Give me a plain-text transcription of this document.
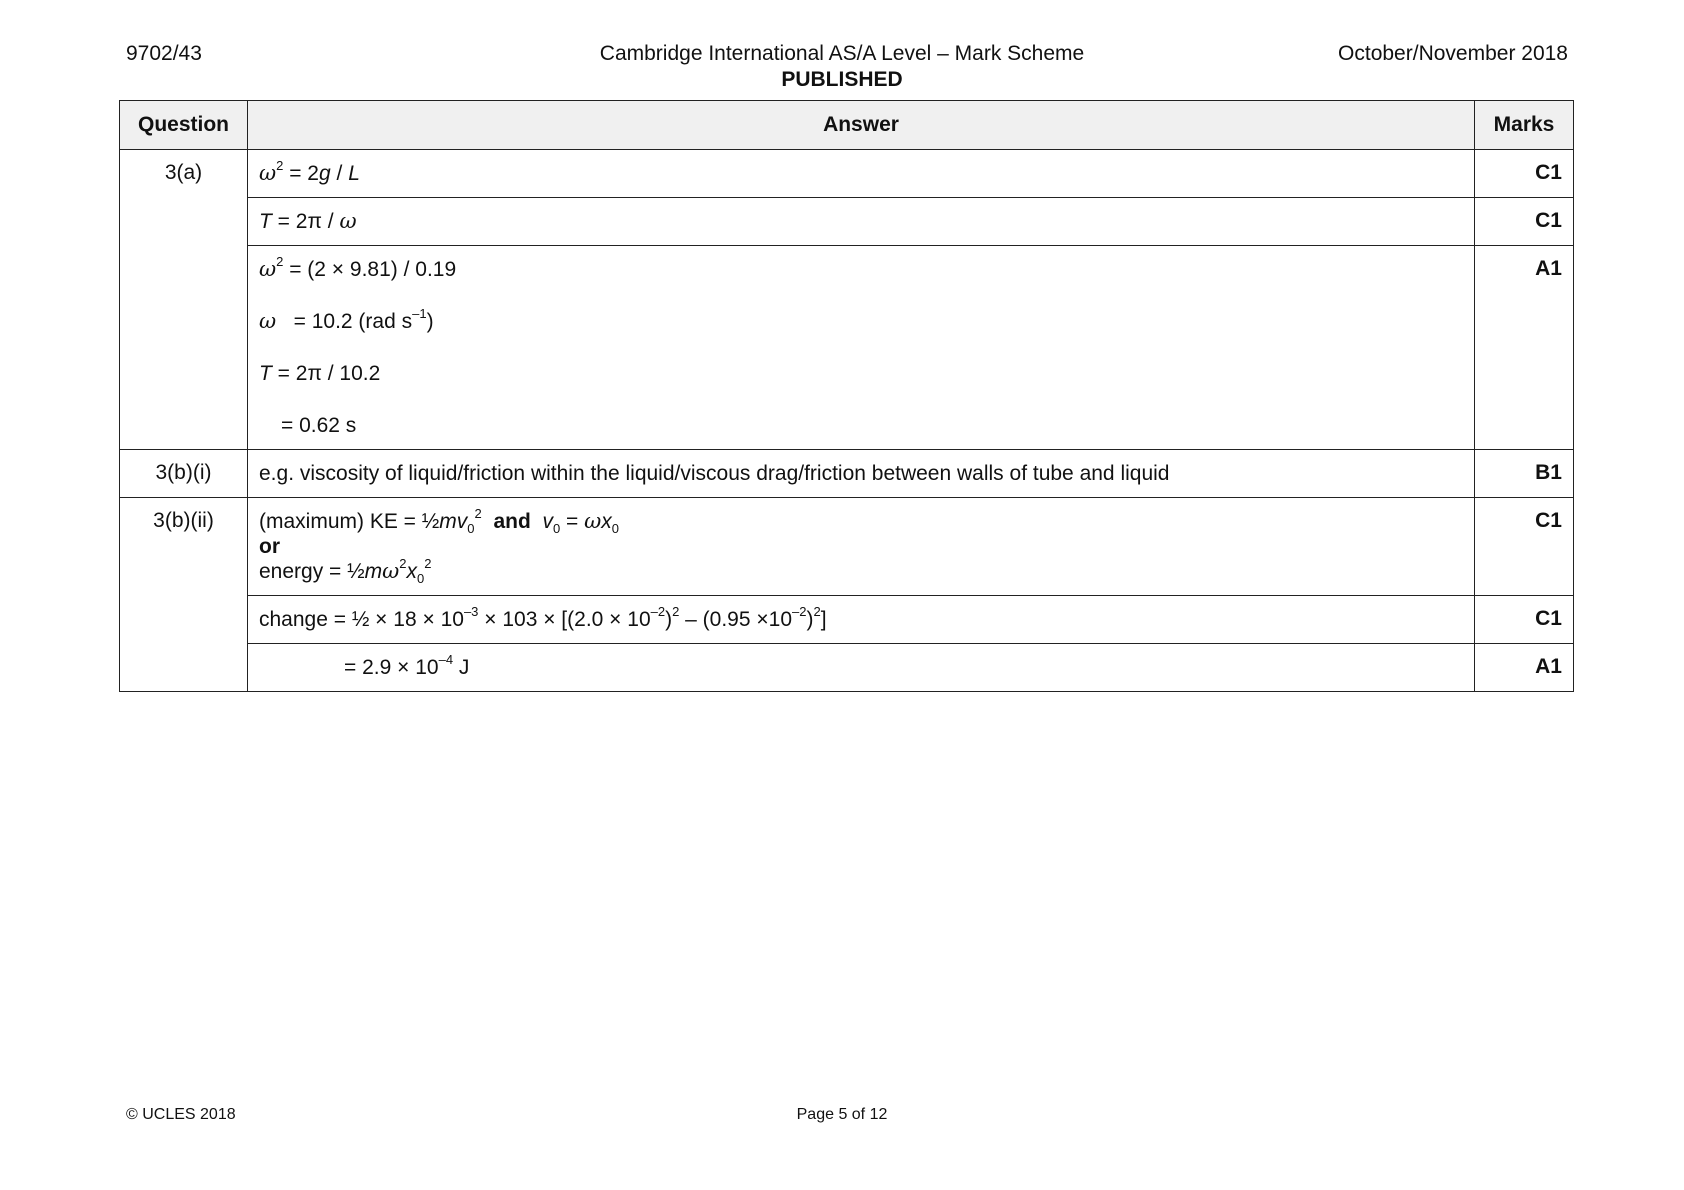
9702/43	Cambridge International AS/A Level – Mark Scheme	October/November 2018
PUBLISHED
Question	Answer	Marks
3(a)	$\omega^2 = 2g / L$	C1
	T = 2π / ω	C1

	$\omega^2 = (2 \times 9.81) / 0.19$
ω   = 10.2 (rad $s^{-1}$)
T = 2π / 10.2
= 0.62 s	A1
3(b)(i)	e.g. viscosity of liquid/friction within the liquid/viscous drag/friction between walls of tube and liquid	B1
3(b)(ii)	(maximum) KE = $\frac{1}{2}mv_0^2$ and $v_0 = \omega x_0$
or
energy = $\frac{1}{2}m\omega^2x_0^2$	C1
	change = ½ × $18 \times 10^{-3} \times 103 \times [(2.0 \times 10^{-2})^2 - (0.95 \times 10^{-2})^2]$	C1
	= $2.9 \times 10^{-4}$ J	A1
© UCLES 2018	Page 5 of 12
